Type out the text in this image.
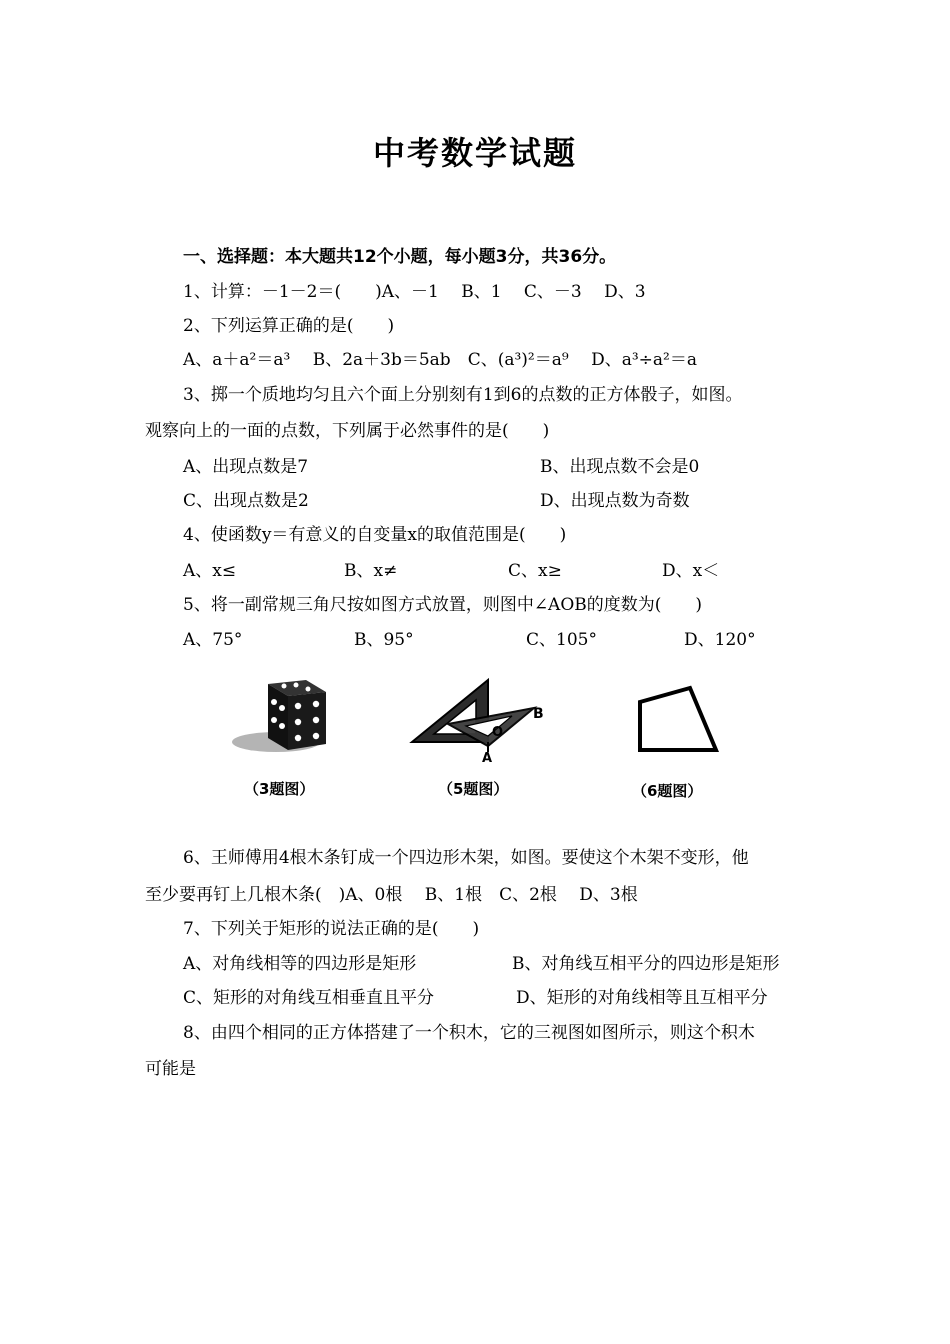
中考数学试题
一、选择题：本大题共12个小题，每小题3分，共36分。
1、计算：－1－2＝(　　)A、－1　 B、1　 C、－3　 D、3
2、下列运算正确的是(　　)
A、a＋a²＝a³　 B、2a＋3b＝5ab　C、(a³)²＝a⁹　 D、a³÷a²＝a
3、掷一个质地均匀且六个面上分别刻有1到6的点数的正方体骰子，如图。
观察向上的一面的点数，下列属于必然事件的是(　　)
A、出现点数是7	B、出现点数不会是0
C、出现点数是2	D、出现点数为奇数
4、使函数y＝有意义的自变量x的取值范围是(　　)
A、x≤	B、x≠	C、x≥	D、x＜
5、将一副常规三角尺按如图方式放置，则图中∠AOB的度数为(　　)
A、75°	B、95°	C、105°	D、120°
（3题图）
B
O
A
（5题图）	（6题图）
6、王师傅用4根木条钉成一个四边形木架，如图。要使这个木架不变形，他
至少要再钉上几根木条(　)A、0根　 B、1根　C、2根　 D、3根
7、下列关于矩形的说法正确的是(　　)
A、对角线相等的四边形是矩形	B、对角线互相平分的四边形是矩形
C、矩形的对角线互相垂直且平分	D、矩形的对角线相等且互相平分
8、由四个相同的正方体搭建了一个积木，它的三视图如图所示，则这个积木
可能是
